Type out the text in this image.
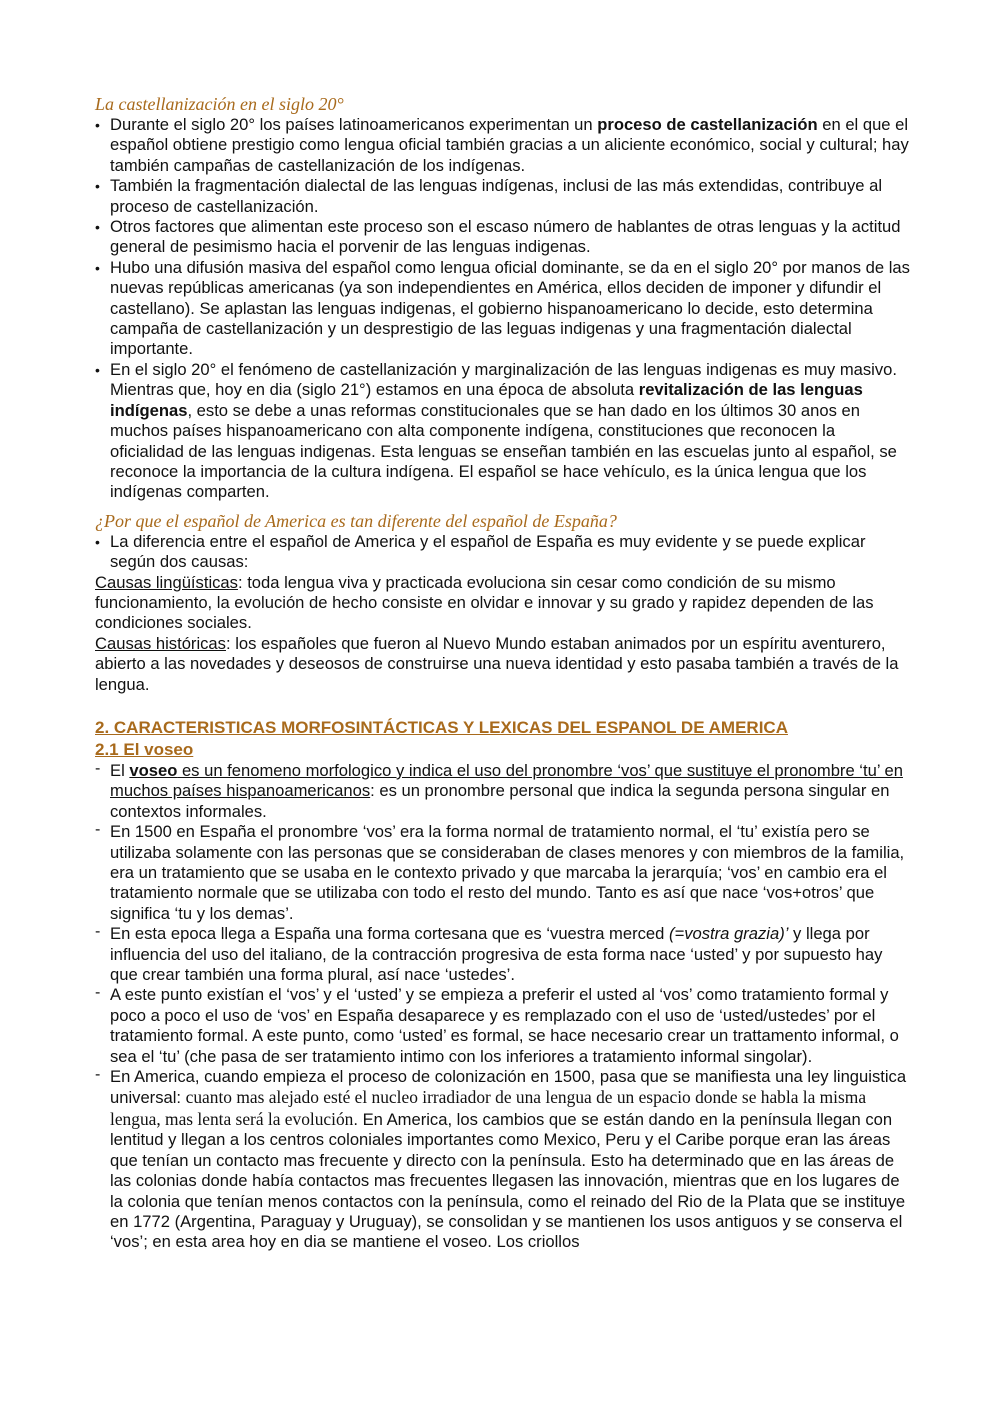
La castellanización en el siglo 20°

• Durante el siglo 20° los países latinoamericanos experimentan un proceso de castellanización en el que el español obtiene prestigio como lengua oficial también gracias a un aliciente económico, social y cultural; hay también campañas de castellanización de los indígenas.
• También la fragmentación dialectal de las lenguas indígenas, inclusi de las más extendidas, contribuye al proceso de castellanización.
• Otros factores que alimentan este proceso son el escaso número de hablantes de otras lenguas y la actitud general de pesimismo hacia el porvenir de las lenguas indigenas.
• Hubo una difusión masiva del español como lengua oficial dominante, se da en el siglo 20° por manos de las nuevas repúblicas americanas (ya son independientes en América, ellos deciden de imponer y difundir el castellano). Se aplastan las lenguas indigenas, el gobierno hispanoamericano lo decide, esto determina campaña de castellanización y un desprestigio de las leguas indigenas y una fragmentación dialectal importante.
• En el siglo 20° el fenómeno de castellanización y marginalización de las lenguas indigenas es muy masivo. Mientras que, hoy en dia (siglo 21°) estamos en una época de absoluta revitalización de las lenguas indígenas, esto se debe a unas reformas constitucionales que se han dado en los últimos 30 anos en muchos países hispanoamericano con alta componente indígena, constituciones que reconocen la oficialidad de las lenguas indigenas. Esta lenguas se enseñan también en las escuelas junto al español, se reconoce la importancia de la cultura indígena. El español se hace vehículo, es la única lengua que los indígenas comparten.

¿Por que el español de America es tan diferente del español de España?

• La diferencia entre el español de America y el español de España es muy evidente y se puede explicar según dos causas:

Causas lingüísticas: toda lengua viva y practicada evoluciona sin cesar como condición de su mismo funcionamiento, la evolución de hecho consiste en olvidar e innovar y su grado y rapidez dependen de las condiciones sociales.

Causas históricas: los españoles que fueron al Nuevo Mundo estaban animados por un espíritu aventurero, abierto a las novedades y deseosos de construirse una nueva identidad y esto pasaba también a través de la lengua.

2. CARACTERISTICAS MORFOSINTÁCTICAS Y LEXICAS DEL ESPANOL DE AMERICA

2.1 El voseo

- El voseo es un fenomeno morfologico y indica el uso del pronombre ‘vos’ que sustituye el pronombre ‘tu’ en muchos países hispanoamericanos: es un pronombre personal que indica la segunda persona singular en contextos informales.
- En 1500 en España el pronombre ‘vos’ era la forma normal de tratamiento normal, el ‘tu’ existía pero se utilizaba solamente con las personas que se consideraban de clases menores y con miembros de la familia, era un tratamiento que se usaba en le contexto privado y que marcaba la jerarquía; ‘vos’ en cambio era el tratamiento normale que se utilizaba con todo el resto del mundo. Tanto es así que nace ‘vos+otros’ que significa ‘tu y los demas’.
- En esta epoca llega a España una forma cortesana que es ‘vuestra merced (=vostra grazia)’ y llega por influencia del uso del italiano, de la contracción progresiva de esta forma nace ‘usted’ y por supuesto hay que crear también una forma plural, así nace ‘ustedes’.
- A este punto existían el ‘vos’ y el ‘usted’ y se empieza a preferir el usted al ‘vos’ como tratamiento formal y poco a poco el uso de ‘vos’ en España desaparece y es remplazado con el uso de ‘usted/ustedes’ por el tratamiento formal. A este punto, como ‘usted’ es formal, se hace necesario crear un trattamento informal, o sea el ‘tu’ (che pasa de ser tratamiento intimo con los inferiores a tratamiento informal singolar).
- En America, cuando empieza el proceso de colonización en 1500, pasa que se manifiesta una ley linguistica universal: cuanto mas alejado esté el nucleo irradiador de una lengua de un espacio donde se habla la misma lengua, mas lenta será la evolución. En America, los cambios que se están dando en la península llegan con lentitud y llegan a los centros coloniales importantes como Mexico, Peru y el Caribe porque eran las áreas que tenían un contacto mas frecuente y directo con la península. Esto ha determinado que en las áreas de las colonias donde había contactos mas frecuentes llegasen las innovación, mientras que en los lugares de la colonia que tenían menos contactos con la península, como el reinado del Rio de la Plata que se instituye en 1772 (Argentina, Paraguay y Uruguay), se consolidan y se mantienen los usos antiguos y se conserva el ‘vos’; en esta area hoy en dia se mantiene el voseo. Los criollos
